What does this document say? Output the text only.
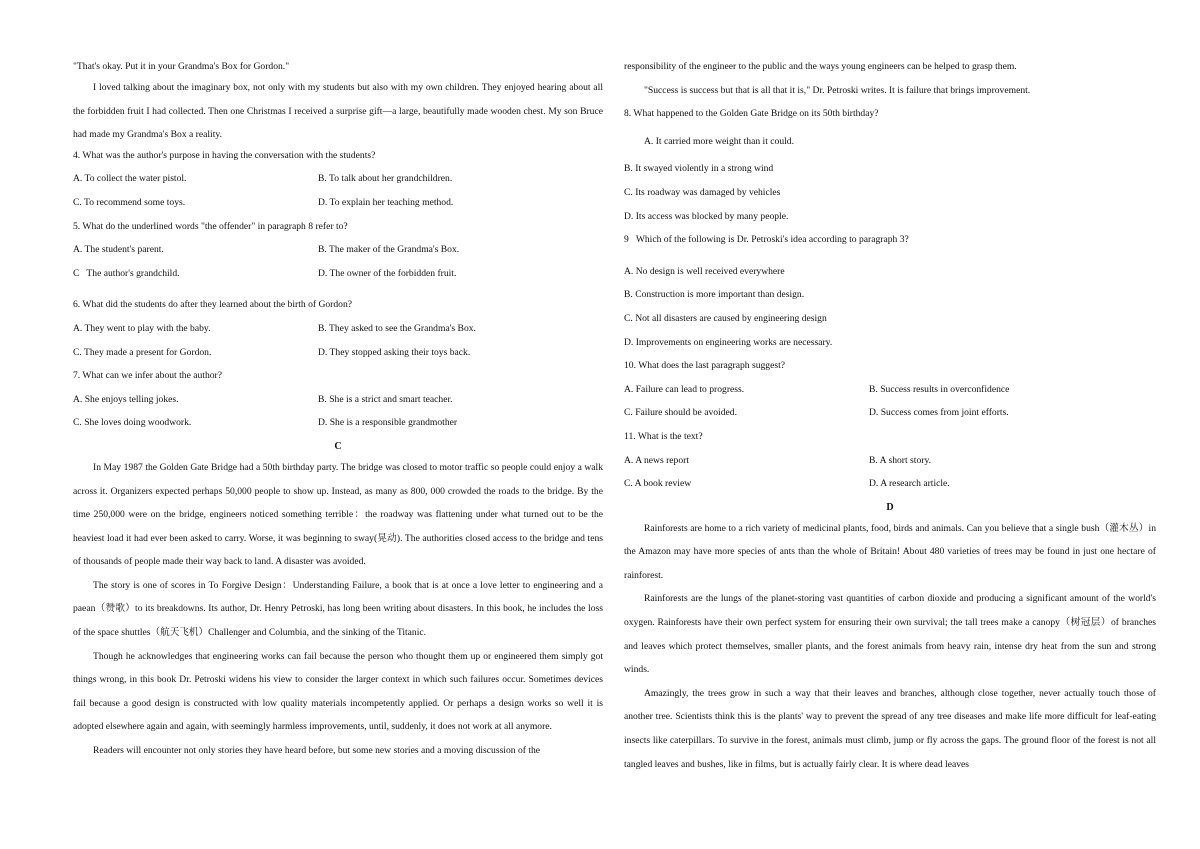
"That's okay. Put it in your Grandma's Box for Gordon."
I loved talking about the imaginary box, not only with my students but also with my own children. They enjoyed hearing about all the forbidden fruit I had collected. Then one Christmas I received a surprise gift—a large, beautifully made wooden chest. My son Bruce had made my Grandma's Box a reality.
4. What was the author's purpose in having the conversation with the students?
A. To collect the water pistol.	B. To talk about her grandchildren.
C. To recommend some toys.	D. To explain her teaching method.
5. What do the underlined words "the offender" in paragraph 8 refer to?
A. The student's parent.	B. The maker of the Grandma's Box.
C   The author's grandchild.	D. The owner of the forbidden fruit.
6. What did the students do after they learned about the birth of Gordon?
A. They went to play with the baby.	B. They asked to see the Grandma's Box.
C. They made a present for Gordon.	D. They stopped asking their toys back.
7. What can we infer about the author?
A. She enjoys telling jokes.	B. She is a strict and smart teacher.
C. She loves doing woodwork.	D. She is a responsible grandmother
C
In May 1987 the Golden Gate Bridge had a 50th birthday party. The bridge was closed to motor traffic so people could enjoy a walk across it. Organizers expected perhaps 50,000 people to show up. Instead, as many as 800, 000 crowded the roads to the bridge. By the time 250,000 were on the bridge, engineers noticed something terrible：the roadway was flattening under what turned out to be the heaviest load it had ever been asked to carry. Worse, it was beginning to sway(晃动). The authorities closed access to the bridge and tens of thousands of people made their way back to land. A disaster was avoided.
The story is one of scores in To Forgive Design：Understanding Failure, a book that is at once a love letter to engineering and a paean（赞歌）to its breakdowns. Its author, Dr. Henry Petroski, has long been writing about disasters. In this book, he includes the loss of the space shuttles（航天飞机）Challenger and Columbia, and the sinking of the Titanic.
Though he acknowledges that engineering works can fail because the person who thought them up or engineered them simply got things wrong, in this book Dr. Petroski widens his view to consider the larger context in which such failures occur. Sometimes devices fail because a good design is constructed with low quality materials incompetently applied. Or perhaps a design works so well it is adopted elsewhere again and again, with seemingly harmless improvements, until, suddenly, it does not work at all anymore.
Readers will encounter not only stories they have heard before, but some new stories and a moving discussion of the
responsibility of the engineer to the public and the ways young engineers can be helped to grasp them.
"Success is success but that is all that it is," Dr. Petroski writes. It is failure that brings improvement.
8. What happened to the Golden Gate Bridge on its 50th birthday?
A. It carried more weight than it could.
B. It swayed violently in a strong wind
C. Its roadway was damaged by vehicles
D. Its access was blocked by many people.
9   Which of the following is Dr. Petroski's idea according to paragraph 3?
A. No design is well received everywhere
B. Construction is more important than design.
C. Not all disasters are caused by engineering design
D. Improvements on engineering works are necessary.
10. What does the last paragraph suggest?
A. Failure can lead to progress.	B. Success results in overconfidence
C. Failure should be avoided.	D. Success comes from joint efforts.
11. What is the text?
A. A news report	B. A short story.
C. A book review	D. A research article.
D
Rainforests are home to a rich variety of medicinal plants, food, birds and animals. Can you believe that a single bush（灌木丛）in the Amazon may have more species of ants than the whole of Britain! About 480 varieties of trees may be found in just one hectare of rainforest.
Rainforests are the lungs of the planet-storing vast quantities of carbon dioxide and producing a significant amount of the world's oxygen. Rainforests have their own perfect system for ensuring their own survival; the tall trees make a canopy（树冠层）of branches and leaves which protect themselves, smaller plants, and the forest animals from heavy rain, intense dry heat from the sun and strong winds.
Amazingly, the trees grow in such a way that their leaves and branches, although close together, never actually touch those of another tree. Scientists think this is the plants' way to prevent the spread of any tree diseases and make life more difficult for leaf-eating insects like caterpillars. To survive in the forest, animals must climb, jump or fly across the gaps. The ground floor of the forest is not all tangled leaves and bushes, like in films, but is actually fairly clear. It is where dead leaves
